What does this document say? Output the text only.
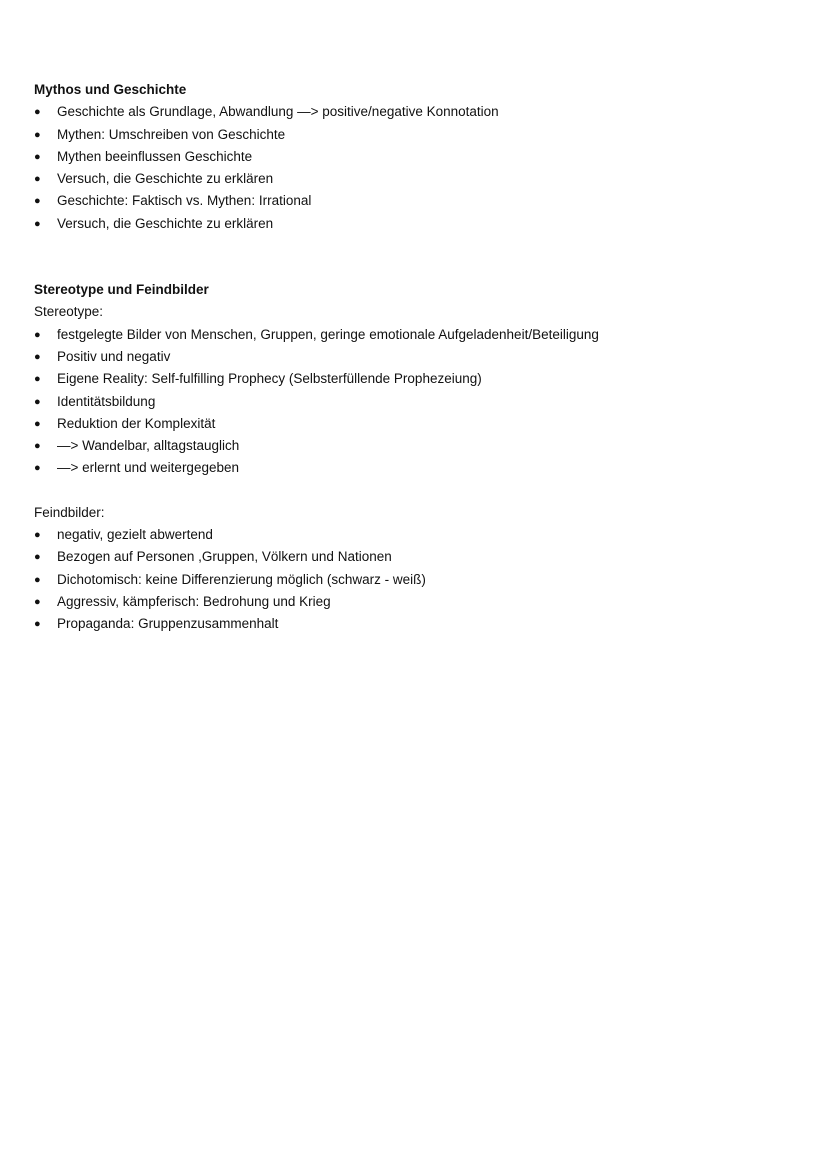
Mythos und Geschichte
● Geschichte als Grundlage, Abwandlung —> positive/negative Konnotation
● Mythen: Umschreiben von Geschichte
● Mythen beeinflussen Geschichte
● Versuch, die Geschichte zu erklären
● Geschichte: Faktisch vs. Mythen: Irrational
● Versuch, die Geschichte zu erklären
Stereotype und Feindbilder
Stereotype:
● festgelegte Bilder von Menschen, Gruppen, geringe emotionale Aufgeladenheit/Beteiligung
● Positiv und negativ
● Eigene Reality: Self-fulfilling Prophecy (Selbsterfüllende Prophezeiung)
● Identitätsbildung
● Reduktion der Komplexität
● —> Wandelbar, alltagstauglich
● —> erlernt und weitergegeben
Feindbilder:
● negativ, gezielt abwertend
● Bezogen auf Personen ,Gruppen, Völkern und Nationen
● Dichotomisch: keine Differenzierung möglich (schwarz - weiß)
● Aggressiv, kämpferisch: Bedrohung und Krieg
● Propaganda: Gruppenzusammenhalt
